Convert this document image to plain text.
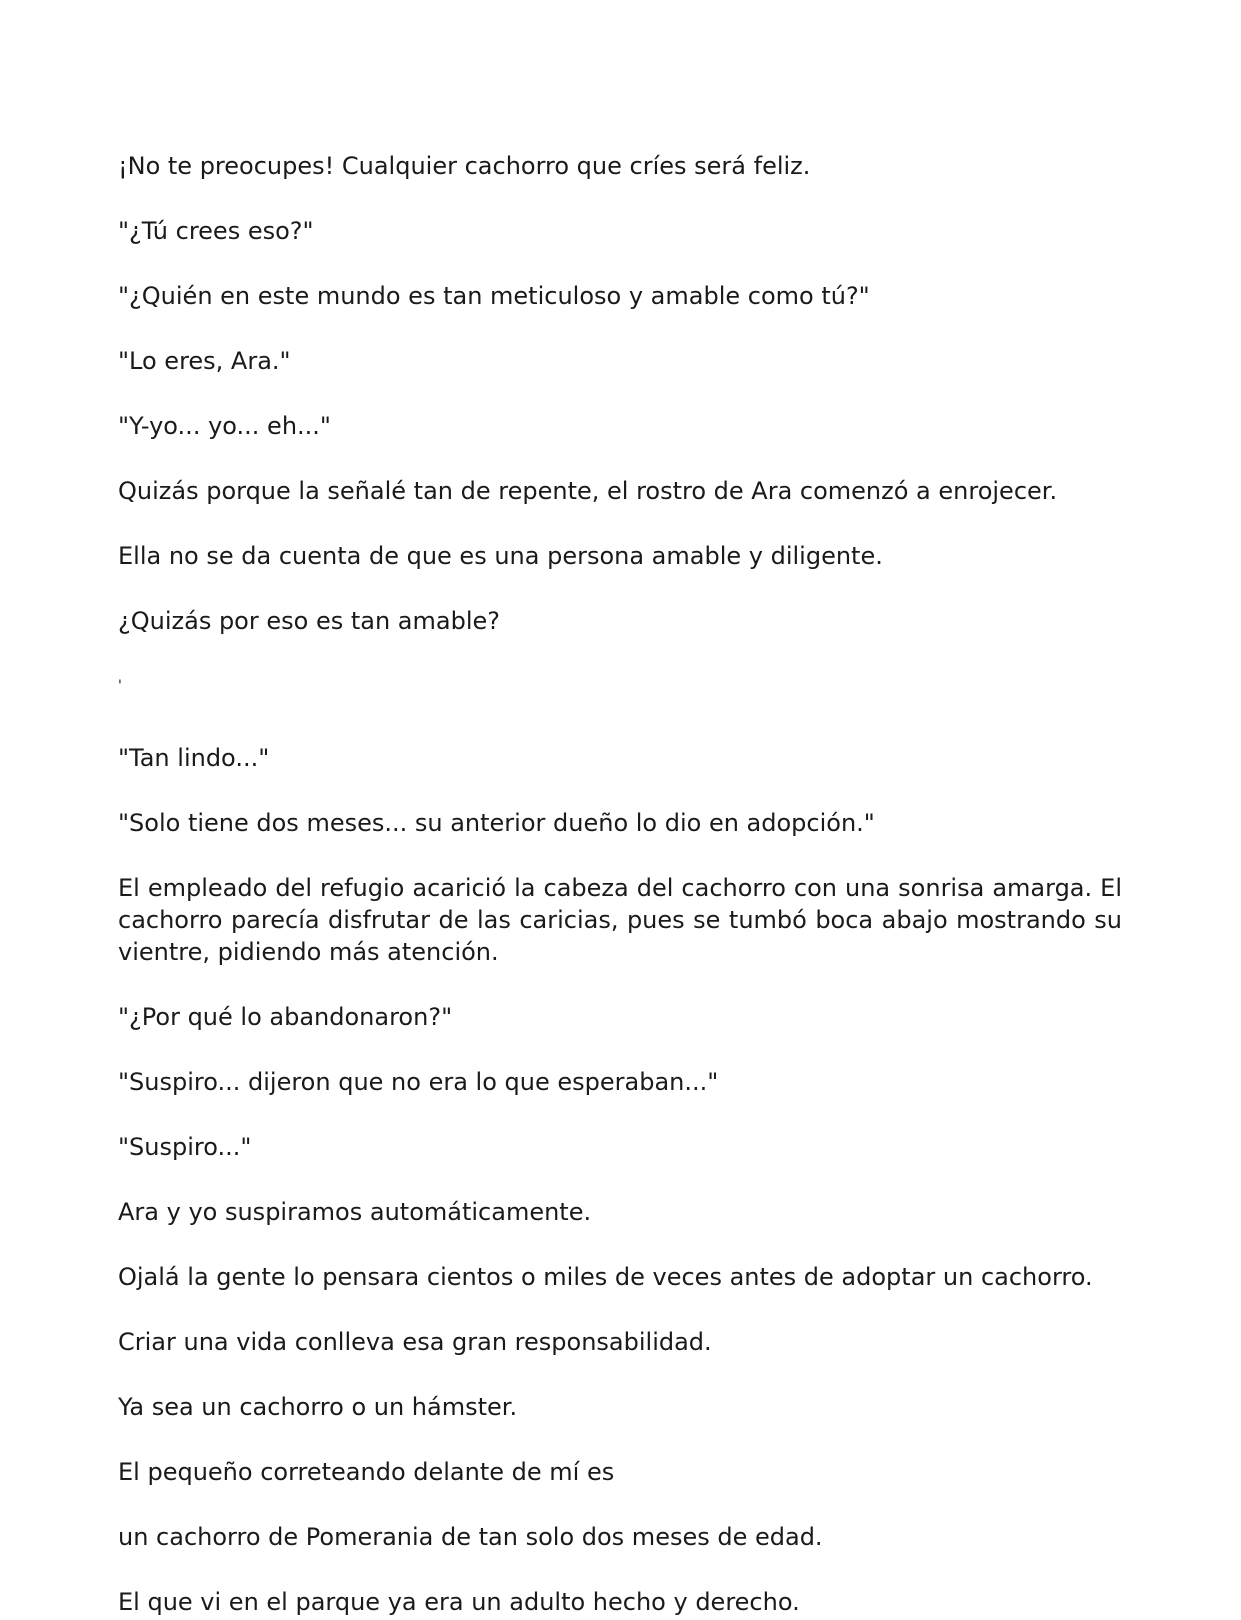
¡No te preocupes! Cualquier cachorro que críes será feliz.

"¿Tú crees eso?"

"¿Quién en este mundo es tan meticuloso y amable como tú?"

"Lo eres, Ara."

"Y-yo... yo... eh..."

Quizás porque la señalé tan de repente, el rostro de Ara comenzó a enrojecer.

Ella no se da cuenta de que es una persona amable y diligente.

¿Quizás por eso es tan amable?

'

"Tan lindo..."

"Solo tiene dos meses... su anterior dueño lo dio en adopción."

El empleado del refugio acarició la cabeza del cachorro con una sonrisa amarga. El cachorro parecía disfrutar de las caricias, pues se tumbó boca abajo mostrando su vientre, pidiendo más atención.

"¿Por qué lo abandonaron?"

"Suspiro... dijeron que no era lo que esperaban..."

"Suspiro..."

Ara y yo suspiramos automáticamente.

Ojalá la gente lo pensara cientos o miles de veces antes de adoptar un cachorro.

Criar una vida conlleva esa gran responsabilidad.

Ya sea un cachorro o un hámster.

El pequeño correteando delante de mí es

un cachorro de Pomerania de tan solo dos meses de edad.

El que vi en el parque ya era un adulto hecho y derecho.
